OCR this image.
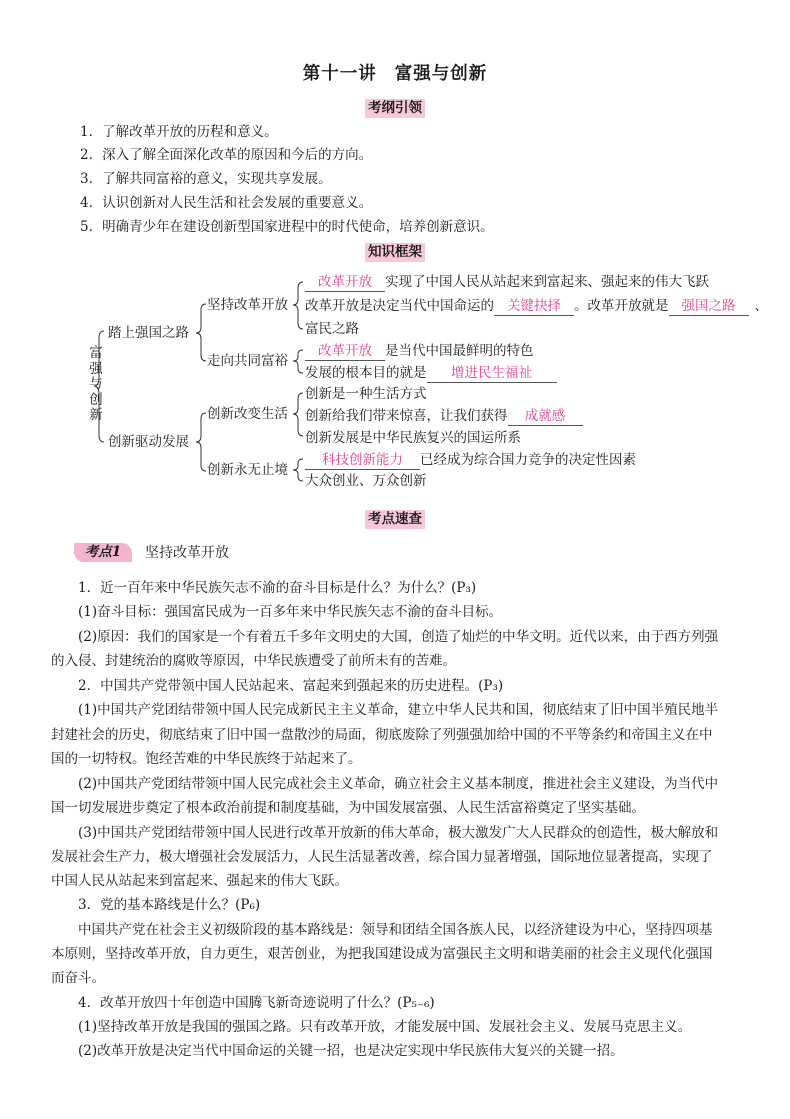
第十一讲 富强与创新
考纲引领
1．了解改革开放的历程和意义。
2．深入了解全面深化改革的原因和今后的方向。
3．了解共同富裕的意义，实现共享发展。
4．认识创新对人民生活和社会发展的重要意义。
5．明确青少年在建设创新型国家进程中的时代使命，培养创新意识。
知识框架
富
强
与
创
新
踏上强国之路
创新驱动发展
坚持改革开放
走向共同富裕
创新改变生活
创新永无止境
改革开放 实现了中国人民从站起来到富起来、强起来的伟大飞跃
改革开放是决定当代中国命运的 关键抉择 。改革开放就是 强国之路 、
富民之路
改革开放 是当代中国最鲜明的特色
发展的根本目的就是 增进民生福祉
创新是一种生活方式
创新给我们带来惊喜，让我们获得 成就感
创新发展是中华民族复兴的国运所系
科技创新能力 已经成为综合国力竞争的决定性因素
大众创业、万众创新
考点速查
考点1	坚持改革开放
1．近一百年来中华民族矢志不渝的奋斗目标是什么？为什么？(P₃)
(1)奋斗目标：强国富民成为一百多年来中华民族矢志不渝的奋斗目标。
(2)原因：我们的国家是一个有着五千多年文明史的大国，创造了灿烂的中华文明。近代以来，由于西方列强
的入侵、封建统治的腐败等原因，中华民族遭受了前所未有的苦难。
2．中国共产党带领中国人民站起来、富起来到强起来的历史进程。(P₃)
(1)中国共产党团结带领中国人民完成新民主主义革命，建立中华人民共和国，彻底结束了旧中国半殖民地半
封建社会的历史，彻底结束了旧中国一盘散沙的局面，彻底废除了列强强加给中国的不平等条约和帝国主义在中
国的一切特权。饱经苦难的中华民族终于站起来了。
(2)中国共产党团结带领中国人民完成社会主义革命，确立社会主义基本制度，推进社会主义建设，为当代中
国一切发展进步奠定了根本政治前提和制度基础，为中国发展富强、人民生活富裕奠定了坚实基础。
(3)中国共产党团结带领中国人民进行改革开放新的伟大革命，极大激发广大人民群众的创造性，极大解放和
发展社会生产力，极大增强社会发展活力，人民生活显著改善，综合国力显著增强，国际地位显著提高，实现了
中国人民从站起来到富起来、强起来的伟大飞跃。
3．党的基本路线是什么？(P₆)
中国共产党在社会主义初级阶段的基本路线是：领导和团结全国各族人民，以经济建设为中心，坚持四项基
本原则，坚持改革开放，自力更生，艰苦创业，为把我国建设成为富强民主文明和谐美丽的社会主义现代化强国
而奋斗。
4．改革开放四十年创造中国腾飞新奇迹说明了什么？(P₅₋₆)
(1)坚持改革开放是我国的强国之路。只有改革开放，才能发展中国、发展社会主义、发展马克思主义。
(2)改革开放是决定当代中国命运的关键一招，也是决定实现中华民族伟大复兴的关键一招。
